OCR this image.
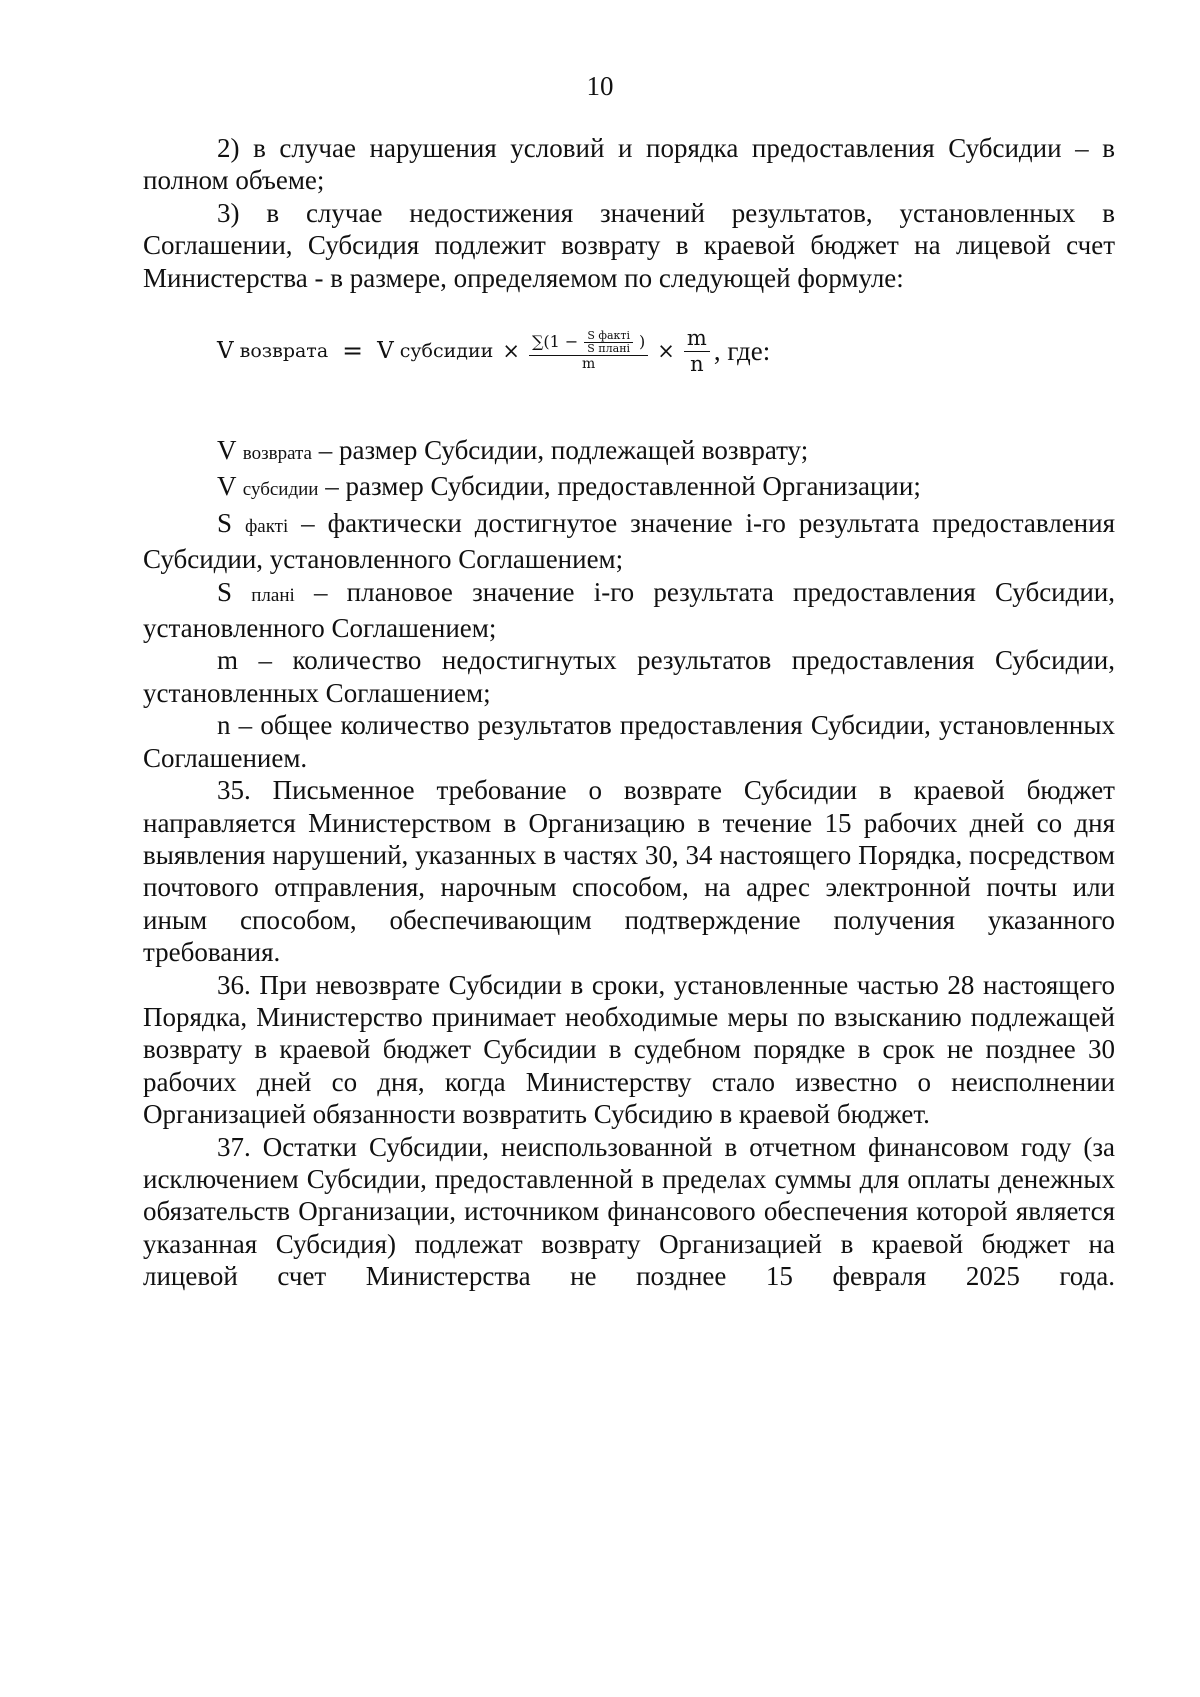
10

2) в случае нарушения условий и порядка предоставления Субсидии – в полном объеме;

3) в случае недостижения значений результатов, установленных в Соглашении, Субсидия подлежит возврату в краевой бюджет на лицевой счет Министерства - в размере, определяемом по следующей формуле:

V возврата = V субсидии × $\sum(1 - \frac{\text{S фактi}}{\text{S планi}}$ )
m
× $\frac{m}{n}$ , где:

V возврата – размер Субсидии, подлежащей возврату;

V субсидии – размер Субсидии, предоставленной Организации;

S фактi – фактически достигнутое значение i-го результата предоставления Субсидии, установленного Соглашением;

S планi – плановое значение i-го результата предоставления Субсидии, установленного Соглашением;

m – количество недостигнутых результатов предоставления Субсидии, установленных Соглашением;

n – общее количество результатов предоставления Субсидии, установленных Соглашением.

35. Письменное требование о возврате Субсидии в краевой бюджет направляется Министерством в Организацию в течение 15 рабочих дней со дня выявления нарушений, указанных в частях 30, 34 настоящего Порядка, посредством почтового отправления, нарочным способом, на адрес электронной почты или иным способом, обеспечивающим подтверждение получения указанного требования.

36. При невозврате Субсидии в сроки, установленные частью 28 настоящего Порядка, Министерство принимает необходимые меры по взысканию подлежащей возврату в краевой бюджет Субсидии в судебном порядке в срок не позднее 30 рабочих дней со дня, когда Министерству стало известно о неисполнении Организацией обязанности возвратить Субсидию в краевой бюджет.

37. Остатки Субсидии, неиспользованной в отчетном финансовом году (за исключением Субсидии, предоставленной в пределах суммы для оплаты денежных обязательств Организации, источником финансового обеспечения которой является указанная Субсидия) подлежат возврату Организацией в краевой бюджет на лицевой счет Министерства не позднее 15 февраля 2025 года.
